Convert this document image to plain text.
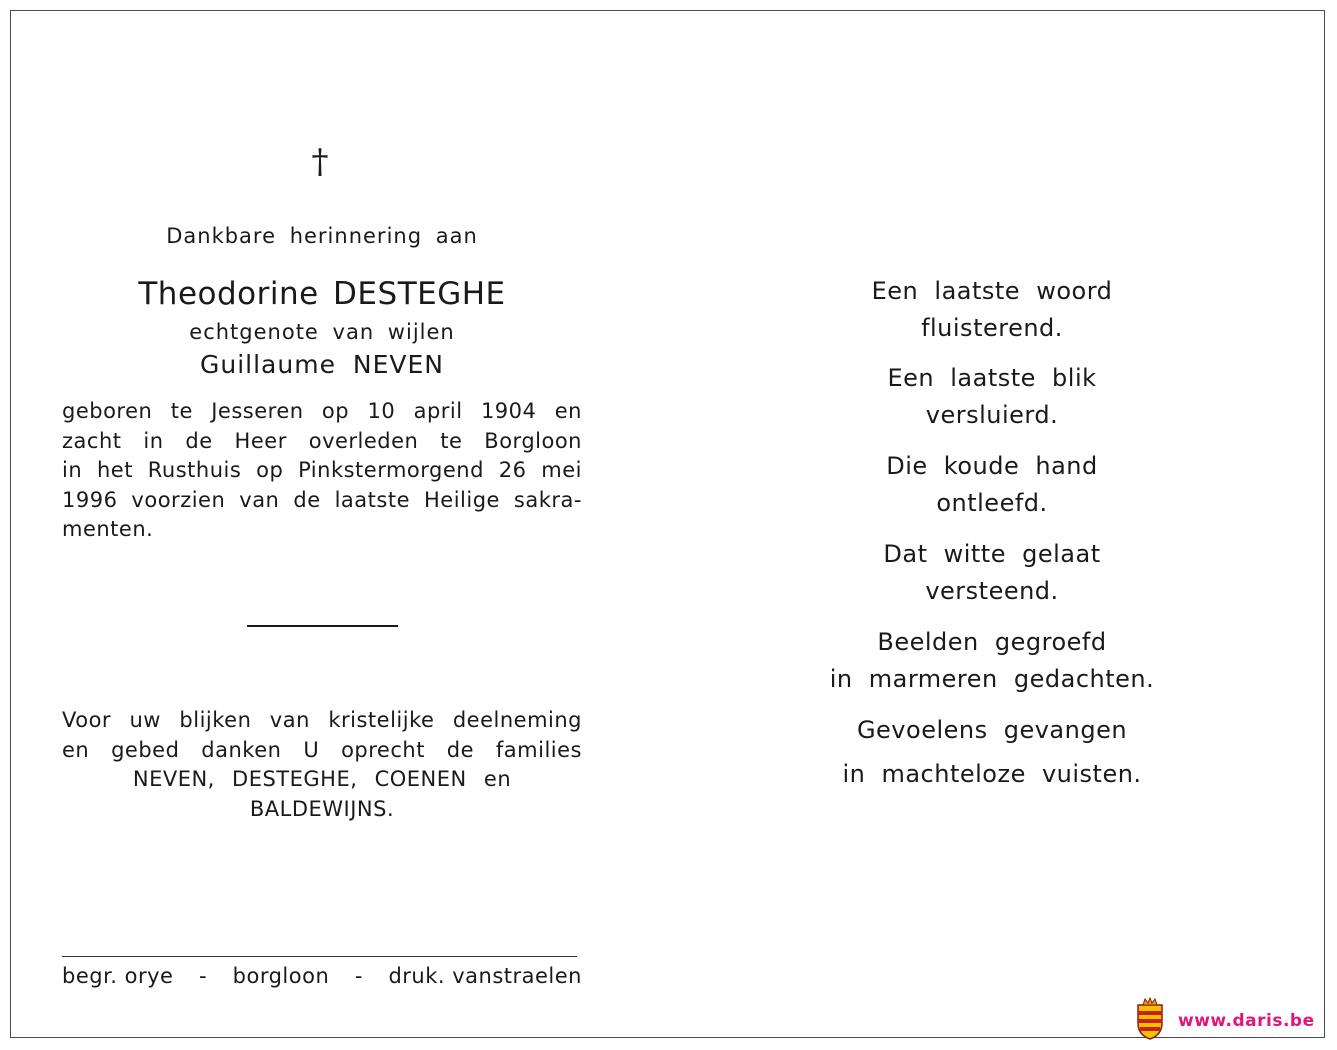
†
Dankbare herinnering aan
Theodorine DESTEGHE
echtgenote van wijlen
Guillaume NEVEN
geboren te Jesseren op 10 april 1904 en
zacht in de Heer overleden te Borgloon
in het Rusthuis op Pinkstermorgend 26 mei
1996 voorzien van de laatste Heilige sakra-
menten.
Voor uw blijken van kristelijke deelneming
en gebed danken U oprecht de families
NEVEN, DESTEGHE, COENEN en
BALDEWIJNS.
begr. orye - borgloon - druk. vanstraelen
Een laatste woord
fluisterend.
Een laatste blik
versluierd.
Die koude hand
ontleefd.
Dat witte gelaat
versteend.
Beelden gegroefd
in marmeren gedachten.
Gevoelens gevangen
in machteloze vuisten.
www.daris.be
